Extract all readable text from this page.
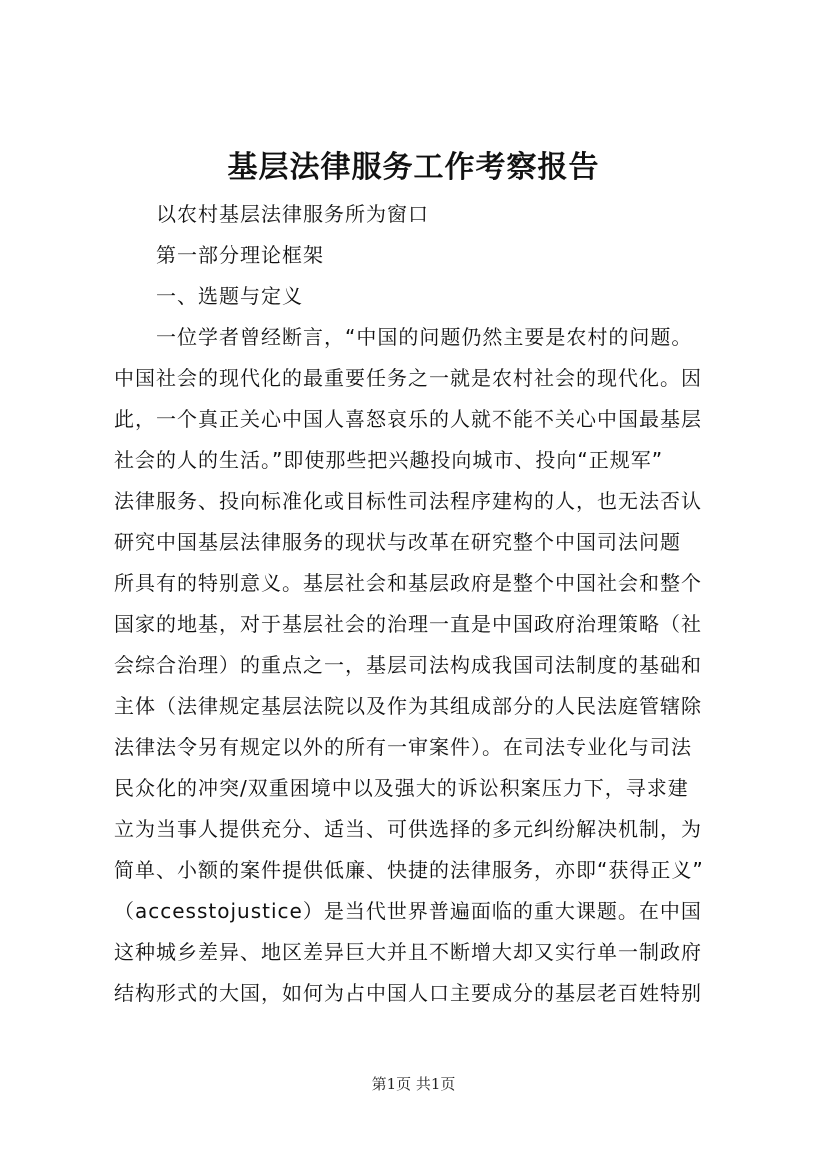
基层法律服务工作考察报告
以农村基层法律服务所为窗口
第一部分理论框架
一、选题与定义
一位学者曾经断言，“中国的问题仍然主要是农村的问题。
中国社会的现代化的最重要任务之一就是农村社会的现代化。因
此，一个真正关心中国人喜怒哀乐的人就不能不关心中国最基层
社会的人的生活。”即使那些把兴趣投向城市、投向“正规军”
法律服务、投向标准化或目标性司法程序建构的人，也无法否认
研究中国基层法律服务的现状与改革在研究整个中国司法问题
所具有的特别意义。基层社会和基层政府是整个中国社会和整个
国家的地基，对于基层社会的治理一直是中国政府治理策略（社
会综合治理）的重点之一，基层司法构成我国司法制度的基础和
主体（法律规定基层法院以及作为其组成部分的人民法庭管辖除
法律法令另有规定以外的所有一审案件）。在司法专业化与司法
民众化的冲突/双重困境中以及强大的诉讼积案压力下，寻求建
立为当事人提供充分、适当、可供选择的多元纠纷解决机制，为
简单、小额的案件提供低廉、快捷的法律服务，亦即“获得正义”
（accesstojustice）是当代世界普遍面临的重大课题。在中国
这种城乡差异、地区差异巨大并且不断增大却又实行单一制政府
结构形式的大国，如何为占中国人口主要成分的基层老百姓特别
第1页 共1页
